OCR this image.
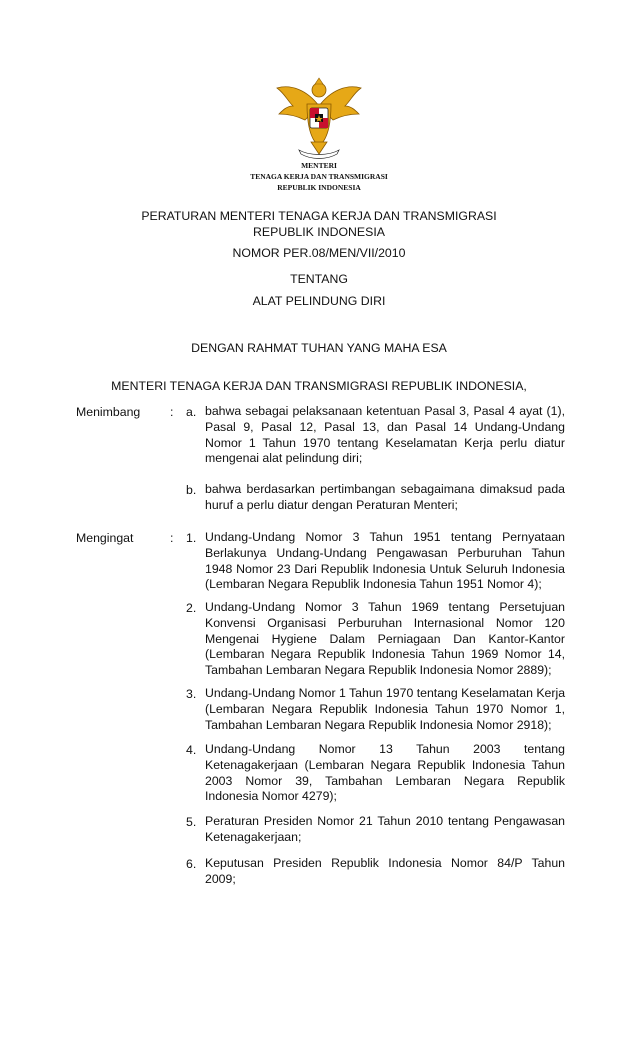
MENTERI
TENAGA KERJA DAN TRANSMIGRASI
REPUBLIK INDONESIA
PERATURAN MENTERI TENAGA KERJA DAN TRANSMIGRASI
REPUBLIK INDONESIA
NOMOR PER.08/MEN/VII/2010
TENTANG
ALAT PELINDUNG DIRI
DENGAN RAHMAT TUHAN YANG MAHA ESA
MENTERI TENAGA KERJA DAN TRANSMIGRASI REPUBLIK INDONESIA,
Menimbang : a. bahwa sebagai pelaksanaan ketentuan Pasal 3, Pasal 4 ayat (1),
Pasal 9, Pasal 12, Pasal 13, dan Pasal 14 Undang-Undang
Nomor 1 Tahun 1970 tentang Keselamatan Kerja perlu diatur
mengenai alat pelindung diri;
b. bahwa berdasarkan pertimbangan sebagaimana dimaksud pada
huruf a perlu diatur dengan Peraturan Menteri;
Mengingat	: 1. Undang-Undang Nomor 3 Tahun 1951 tentang Pernyataan
Berlakunya Undang-Undang Pengawasan Perburuhan Tahun
1948 Nomor 23 Dari Republik Indonesia Untuk Seluruh Indonesia
(Lembaran Negara Republik Indonesia Tahun 1951 Nomor 4);
2. Undang-Undang Nomor 3 Tahun 1969 tentang Persetujuan
Konvensi Organisasi Perburuhan Internasional Nomor 120
Mengenai Hygiene Dalam Perniagaan Dan Kantor-Kantor
(Lembaran Negara Republik Indonesia Tahun 1969 Nomor 14,
Tambahan Lembaran Negara Republik Indonesia Nomor 2889);
3. Undang-Undang Nomor 1 Tahun 1970 tentang Keselamatan Kerja
(Lembaran Negara Republik Indonesia Tahun 1970 Nomor 1,
Tambahan Lembaran Negara Republik Indonesia Nomor 2918);
4. Undang-Undang Nomor 13 Tahun 2003 tentang
Ketenagakerjaan (Lembaran Negara Republik Indonesia Tahun
2003 Nomor 39, Tambahan Lembaran Negara Republik
Indonesia Nomor 4279);
5. Peraturan Presiden Nomor 21 Tahun 2010 tentang Pengawasan
Ketenagakerjaan;
6. Keputusan Presiden Republik Indonesia Nomor 84/P Tahun
2009;
